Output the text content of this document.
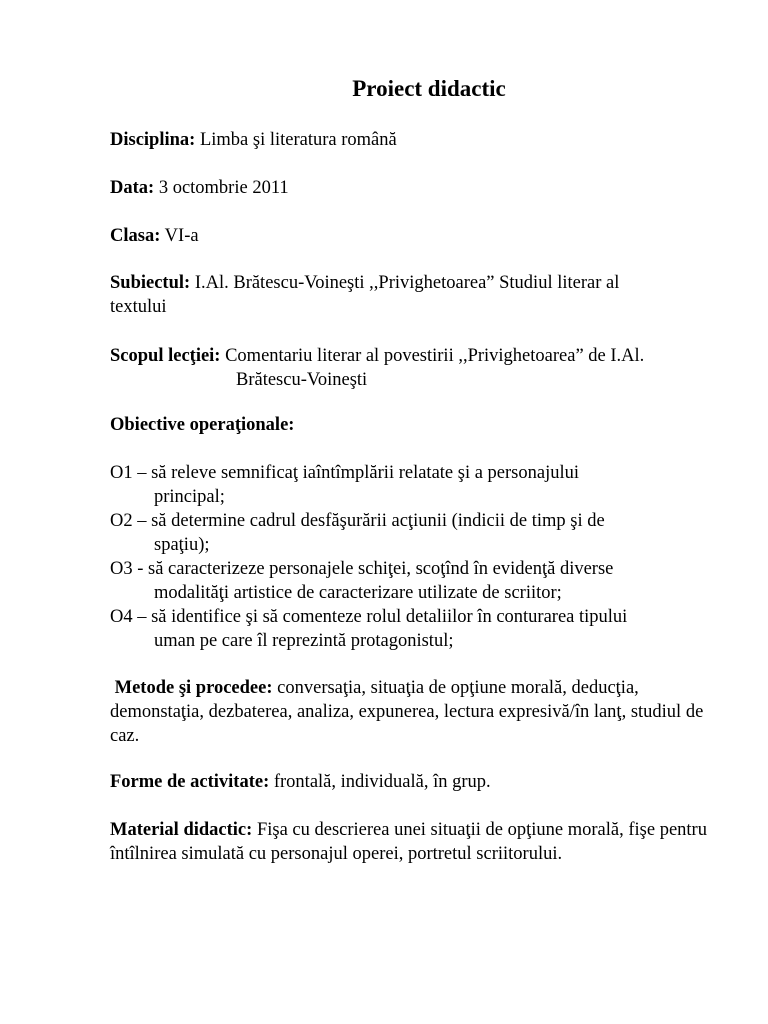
Proiect didactic

Disciplina: Limba şi literatura română

Data: 3 octombrie 2011

Clasa: VI-a

Subiectul: I.Al. Brătescu-Voineşti ,,Privighetoarea” Studiul literar al textului

Scopul lecţiei: Comentariu literar al povestirii ,,Privighetoarea” de I.Al.
Brătescu-Voineşti

Obiective operaţionale:

O1 – să releve semnificaţ iaîntîmplării relatate şi a personajului
principal;
O2 – să determine cadrul desfăşurării acţiunii (indicii de timp şi de
spaţiu);
O3 - să caracterizeze personajele schiţei, scoţînd în evidenţă diverse
modalităţi artistice de caracterizare utilizate de scriitor;
O4 – să identifice şi să comenteze rolul detaliilor în conturarea tipului
uman pe care îl reprezintă protagonistul;

Metode şi procedee: conversaţia, situaţia de opţiune morală, deducţia, demonstaţia, dezbaterea, analiza, expunerea, lectura expresivă/în lanţ, studiul de caz.

Forme de activitate: frontală, individuală, în grup.

Material didactic: Fişa cu descrierea unei situaţii de opţiune morală, fişe pentru întîlnirea simulată cu personajul operei, portretul scriitorului.
